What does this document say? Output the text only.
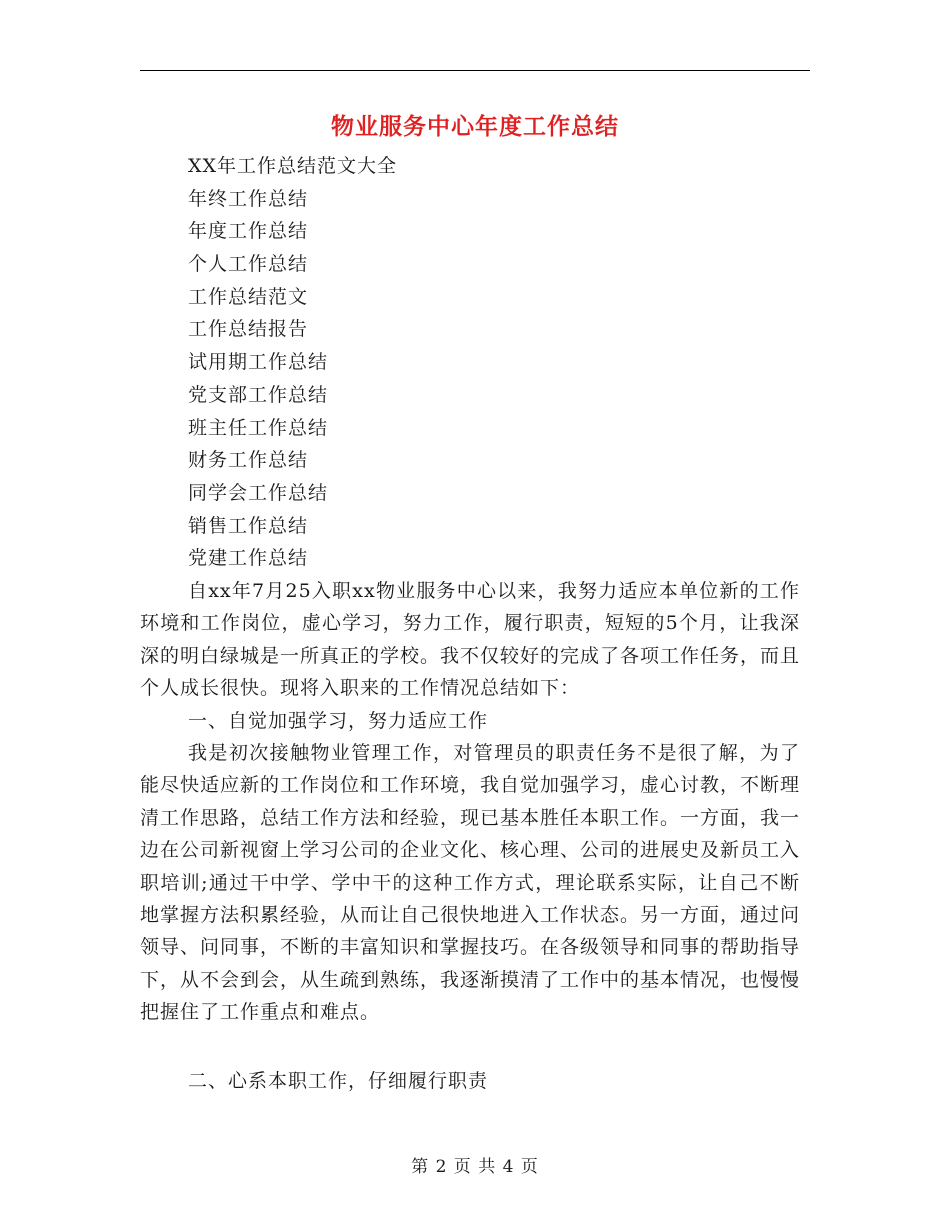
物业服务中心年度工作总结
XX年工作总结范文大全
年终工作总结
年度工作总结
个人工作总结
工作总结范文
工作总结报告
试用期工作总结
党支部工作总结
班主任工作总结
财务工作总结
同学会工作总结
销售工作总结
党建工作总结

自xx年7月25入职xx物业服务中心以来，我努力适应本单位新的工作环境和工作岗位，虚心学习，努力工作，履行职责，短短的5个月，让我深深的明白绿城是一所真正的学校。我不仅较好的完成了各项工作任务，而且个人成长很快。现将入职来的工作情况总结如下：

一、自觉加强学习，努力适应工作

我是初次接触物业管理工作，对管理员的职责任务不是很了解，为了能尽快适应新的工作岗位和工作环境，我自觉加强学习，虚心讨教，不断理清工作思路，总结工作方法和经验，现已基本胜任本职工作。一方面，我一边在公司新视窗上学习公司的企业文化、核心理、公司的进展史及新员工入职培训;通过干中学、学中干的这种工作方式，理论联系实际，让自己不断地掌握方法积累经验，从而让自己很快地进入工作状态。另一方面，通过问领导、问同事，不断的丰富知识和掌握技巧。在各级领导和同事的帮助指导下，从不会到会，从生疏到熟练，我逐渐摸清了工作中的基本情况，也慢慢把握住了工作重点和难点。

二、心系本职工作，仔细履行职责

第 2 页 共 4 页
